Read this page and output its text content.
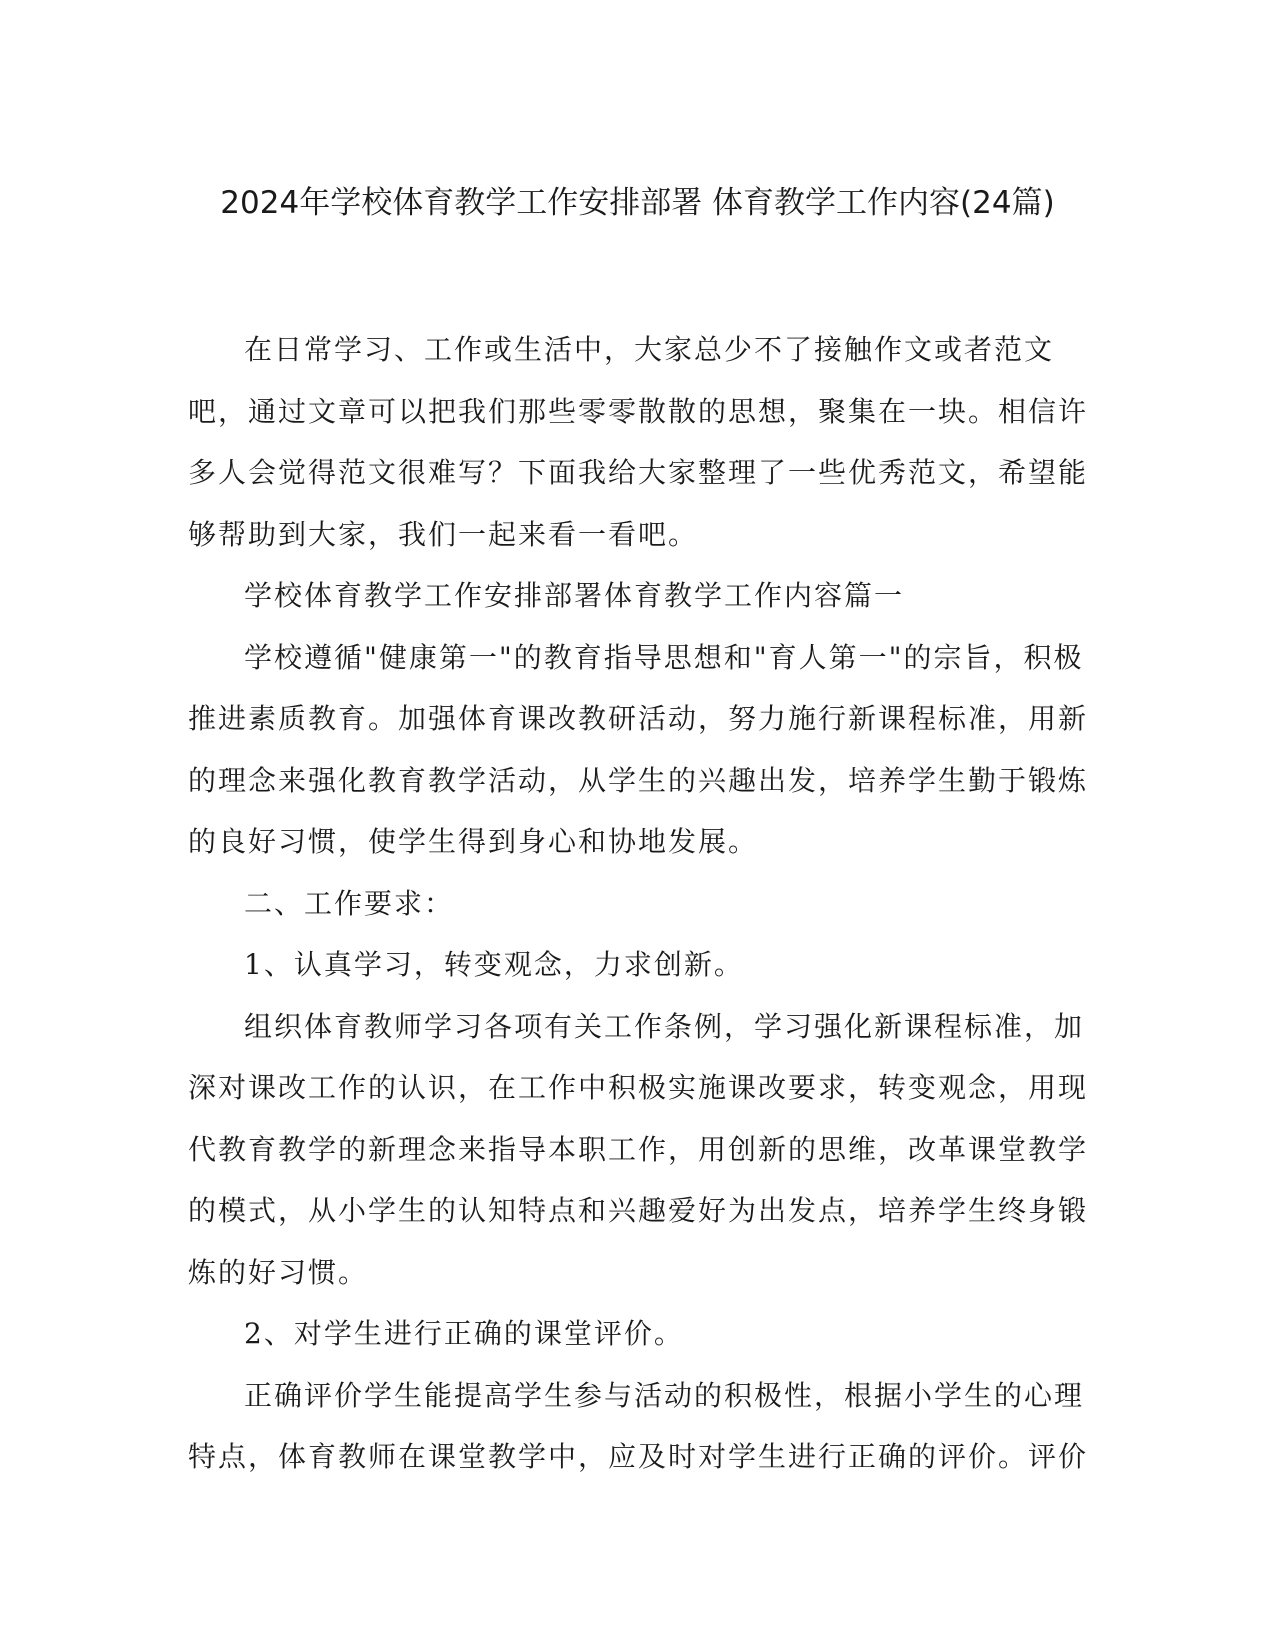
2024年学校体育教学工作安排部署 体育教学工作内容(24篇)

在日常学习、工作或生活中，大家总少不了接触作文或者范文吧，通过文章可以把我们那些零零散散的思想，聚集在一块。相信许多人会觉得范文很难写？下面我给大家整理了一些优秀范文，希望能够帮助到大家，我们一起来看一看吧。

学校体育教学工作安排部署体育教学工作内容篇一

学校遵循"健康第一"的教育指导思想和"育人第一"的宗旨，积极推进素质教育。加强体育课改教研活动，努力施行新课程标准，用新的理念来强化教育教学活动，从学生的兴趣出发，培养学生勤于锻炼的良好习惯，使学生得到身心和协地发展。

二、工作要求：

1、认真学习，转变观念，力求创新。

组织体育教师学习各项有关工作条例，学习强化新课程标准，加深对课改工作的认识，在工作中积极实施课改要求，转变观念，用现代教育教学的新理念来指导本职工作，用创新的思维，改革课堂教学的模式，从小学生的认知特点和兴趣爱好为出发点，培养学生终身锻炼的好习惯。

2、对学生进行正确的课堂评价。

正确评价学生能提高学生参与活动的积极性，根据小学生的心理特点，体育教师在课堂教学中，应及时对学生进行正确的评价。评价
